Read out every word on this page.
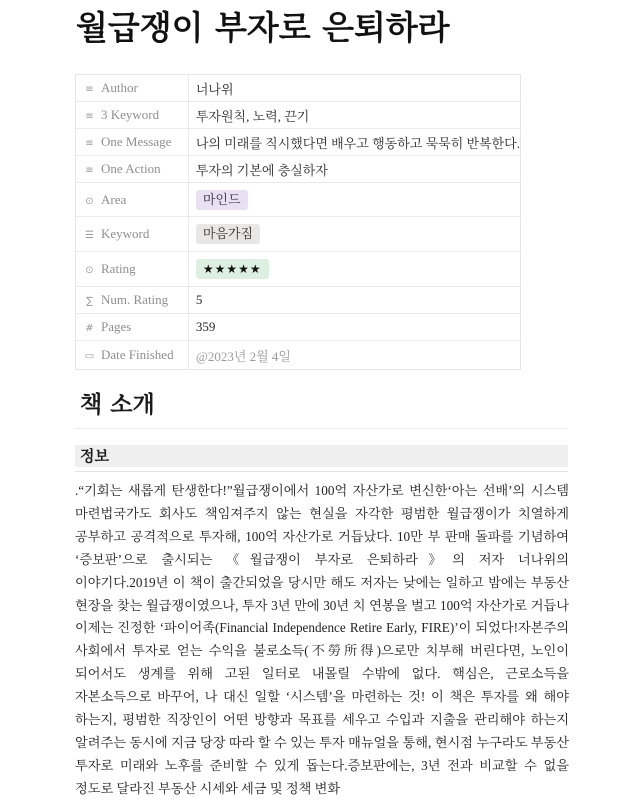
월급쟁이 부자로 은퇴하라
≡ Author	너나위
≡ 3 Keyword	투자원칙, 노력, 끈기
≡ One Message	나의 미래를 직시했다면 배우고 행동하고 묵묵히 반복한다.
≡ One Action	투자의 기본에 충실하자
⊙ Area	마인드
☰ Keyword	마음가짐
⊙ Rating	★★★★★
∑ Num. Rating	5
# Pages	359
▭ Date Finished	@2023년 2월 4일
책 소개
정보

.“기회는 새롭게 탄생한다!”월급쟁이에서 100억 자산가로 변신한‘아는 선배’의 시스템 마련법국가도 회사도 책임져주지 않는 현실을 자각한 평범한 월급쟁이가 치열하게 공부하고 공격적으로 투자해, 100억 자산가로 거듭났다. 10만 부 판매 돌파를 기념하여 ‘증보판’으로 출시되는 《월급쟁이 부자로 은퇴하라》의 저자 너나위의 이야기다.2019년 이 책이 출간되었을 당시만 해도 저자는 낮에는 일하고 밤에는 부동산 현장을 찾는 월급쟁이였으나, 투자 3년 만에 30년 치 연봉을 벌고 100억 자산가로 거듭나 이제는 진정한 ‘파이어족(Financial Independence Retire Early, FIRE)’이 되었다!자본주의 사회에서 투자로 얻는 수익을 불로소득(不勞所得)으로만 치부해 버린다면, 노인이 되어서도 생계를 위해 고된 일터로 내몰릴 수밖에 없다. 핵심은, 근로소득을 자본소득으로 바꾸어, 나 대신 일할 ‘시스템’을 마련하는 것! 이 책은 투자를 왜 해야 하는지, 평범한 직장인이 어떤 방향과 목표를 세우고 수입과 지출을 관리해야 하는지 알려주는 동시에 지금 당장 따라 할 수 있는 투자 매뉴얼을 통해, 현시점 누구라도 부동산 투자로 미래와 노후를 준비할 수 있게 돕는다.증보판에는, 3년 전과 비교할 수 없을 정도로 달라진 부동산 시세와 세금 및 정책 변화
